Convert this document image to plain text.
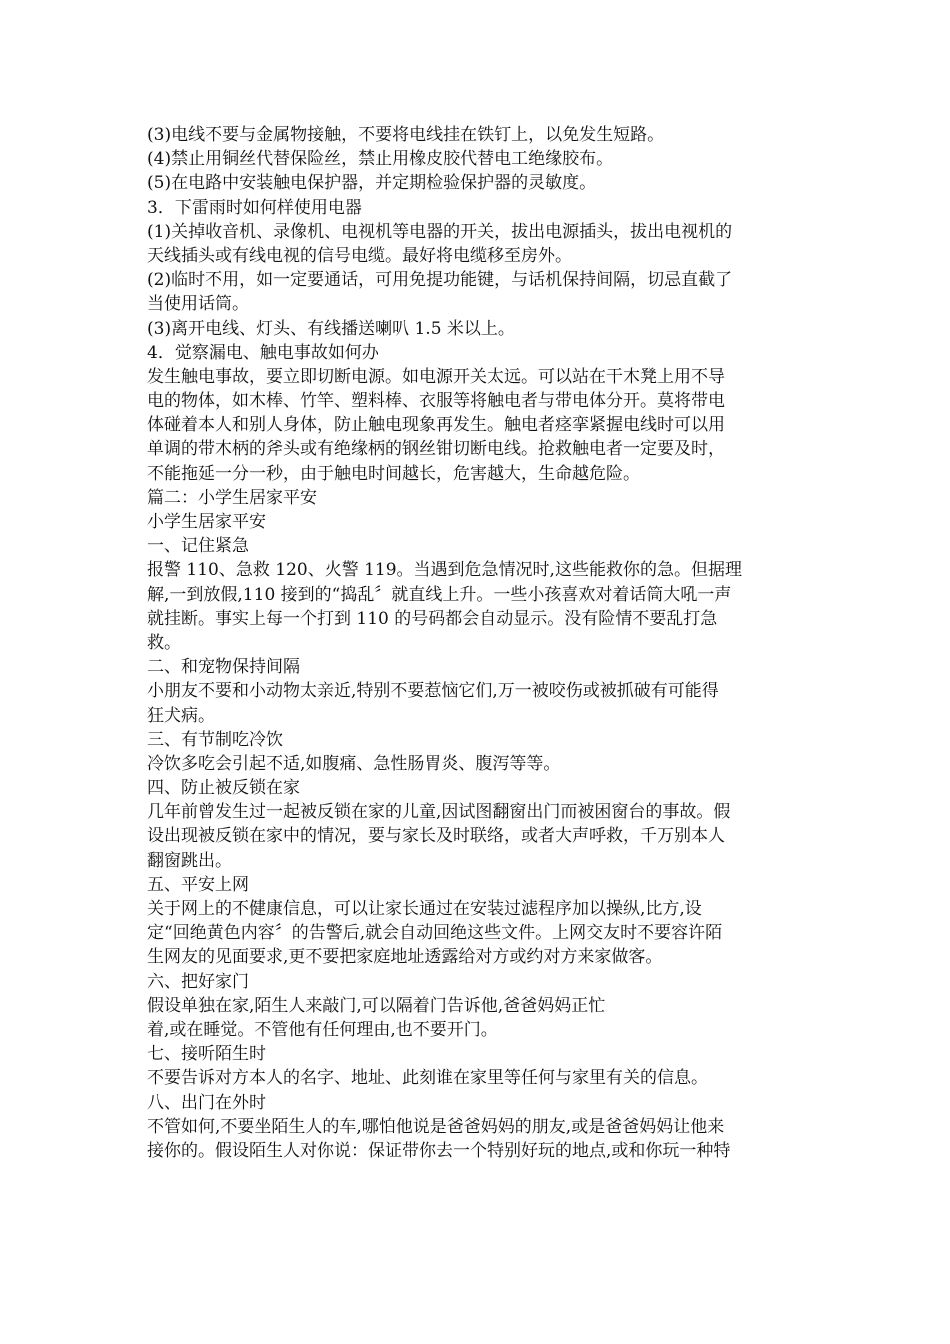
(3)电线不要与金属物接触，不要将电线挂在铁钉上，以免发生短路。
(4)禁止用铜丝代替保险丝，禁止用橡皮胶代替电工绝缘胶布。
(5)在电路中安装触电保护器，并定期检验保护器的灵敏度。
3．下雷雨时如何样使用电器
(1)关掉收音机、录像机、电视机等电器的开关，拔出电源插头，拔出电视机的
天线插头或有线电视的信号电缆。最好将电缆移至房外。
(2)临时不用，如一定要通话，可用免提功能键，与话机保持间隔，切忌直截了
当使用话筒。
(3)离开电线、灯头、有线播送喇叭 1.5 米以上。
4．觉察漏电、触电事故如何办
发生触电事故，要立即切断电源。如电源开关太远。可以站在干木凳上用不导
电的物体，如木棒、竹竿、塑料棒、衣服等将触电者与带电体分开。莫将带电
体碰着本人和别人身体，防止触电现象再发生。触电者痉挛紧握电线时可以用
单调的带木柄的斧头或有绝缘柄的钢丝钳切断电线。抢救触电者一定要及时，
不能拖延一分一秒，由于触电时间越长，危害越大，生命越危险。
篇二：小学生居家平安
小学生居家平安
一、记住紧急
报警 110、急救 120、火警 119。当遇到危急情况时,这些能救你的急。但据理
解,一到放假,110 接到的“捣乱〞就直线上升。一些小孩喜欢对着话筒大吼一声
就挂断。事实上每一个打到 110 的号码都会自动显示。没有险情不要乱打急
救。
二、和宠物保持间隔
小朋友不要和小动物太亲近,特别不要惹恼它们,万一被咬伤或被抓破有可能得
狂犬病。
三、有节制吃冷饮
冷饮多吃会引起不适,如腹痛、急性肠胃炎、腹泻等等。
四、防止被反锁在家
几年前曾发生过一起被反锁在家的儿童,因试图翻窗出门而被困窗台的事故。假
设出现被反锁在家中的情况，要与家长及时联络，或者大声呼救，千万别本人
翻窗跳出。
五、平安上网
关于网上的不健康信息，可以让家长通过在安装过滤程序加以操纵,比方,设
定“回绝黄色内容〞的告警后,就会自动回绝这些文件。上网交友时不要容许陌
生网友的见面要求,更不要把家庭地址透露给对方或约对方来家做客。
六、把好家门
假设单独在家,陌生人来敲门,可以隔着门告诉他,爸爸妈妈正忙
着,或在睡觉。不管他有任何理由,也不要开门。
七、接听陌生时
不要告诉对方本人的名字、地址、此刻谁在家里等任何与家里有关的信息。
八、出门在外时
不管如何,不要坐陌生人的车,哪怕他说是爸爸妈妈的朋友,或是爸爸妈妈让他来
接你的。假设陌生人对你说：保证带你去一个特别好玩的地点,或和你玩一种特
